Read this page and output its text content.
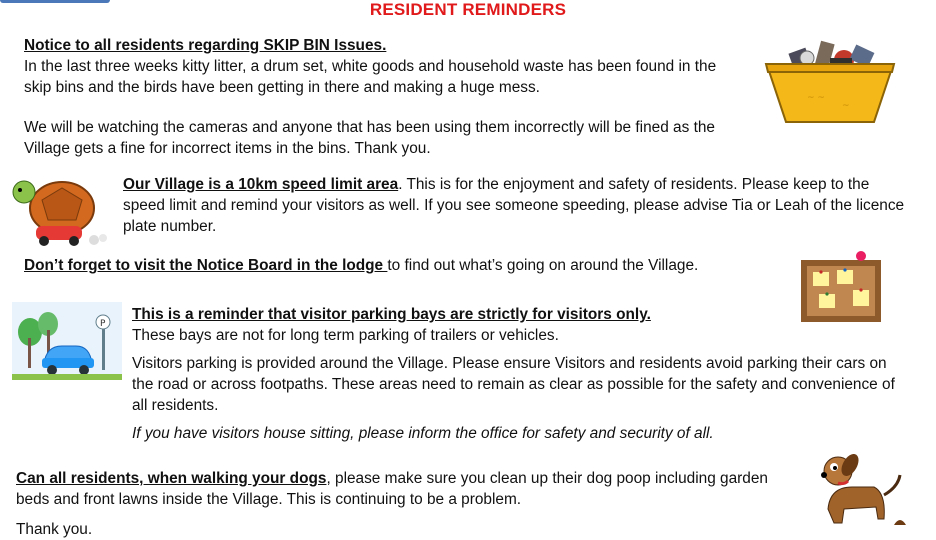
RESIDENT REMINDERS
Notice to all residents regarding SKIP BIN Issues.
In the last three weeks kitty litter, a drum set, white goods and household waste has been found in the skip bins and the birds have been getting in there and making a huge mess.
We will be watching the cameras and anyone that has been using them incorrectly will be fined as the Village gets a fine for incorrect items in the bins. Thank you.
~ ~
~
Our Village is a 10km speed limit area. This is for the enjoyment and safety of residents. Please keep to the speed limit and remind your visitors as well. If you see someone speeding, please advise Tia or Leah of the licence plate number.
Don’t forget to visit the Notice Board in the lodge to find out what’s going on around the Village.
P
This is a reminder that visitor parking bays are strictly for visitors only.
These bays are not for long term parking of trailers or vehicles.
Visitors parking is provided around the Village. Please ensure Visitors and residents avoid parking their cars on the road or across footpaths. These areas need to remain as clear as possible for the safety and convenience of all residents.
If you have visitors house sitting, please inform the office for safety and security of all.
Can all residents, when walking your dogs, please make sure you clean up their dog poop including garden beds and front lawns inside the Village. This is continuing to be a problem.
Thank you.
